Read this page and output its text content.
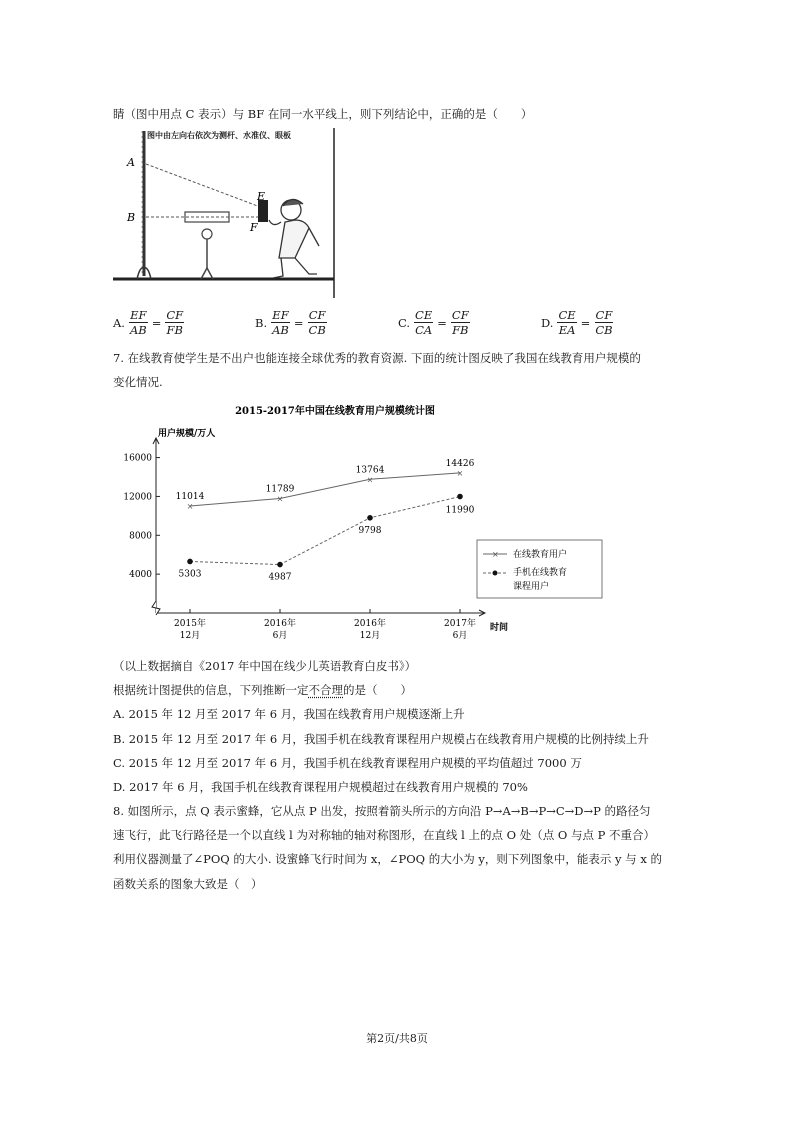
睛（图中用点 C 表示）与 BF 在同一水平线上，则下列结论中，正确的是（　　）
图中由左向右依次为测杆、水准仪、眼板
A
B
E
F
A. $\frac{EF}{AB} = \frac{CF}{FB}$	B. $\frac{EF}{AB} = \frac{CF}{CB}$	C. $\frac{CE}{CA} = \frac{CF}{FB}$	D. $\frac{CE}{EA} = \frac{CF}{CB}$
7. 在线教育使学生是不出户也能连接全球优秀的教育资源. 下面的统计图反映了我国在线教育用户规模的
变化情况.
2015-2017年中国在线教育用户规模统计图
用户规模/万人
时间
4000
8000
12000
16000
2015年
12月
2016年
6月
2016年
12月
2017年
6月
×
11014	×
11789
×
13764	×
14426
5303	4987
9798
11990
× 在线教育用户
手机在线教育
课程用户
（以上数据摘自《2017 年中国在线少儿英语教育白皮书》）
根据统计图提供的信息，下列推断一定不合理的是（　　）
A. 2015 年 12 月至 2017 年 6 月，我国在线教育用户规模逐渐上升
B. 2015 年 12 月至 2017 年 6 月，我国手机在线教育课程用户规模占在线教育用户规模的比例持续上升
C. 2015 年 12 月至 2017 年 6 月，我国手机在线教育课程用户规模的平均值超过 7000 万
D. 2017 年 6 月，我国手机在线教育课程用户规模超过在线教育用户规模的 70%
8. 如图所示，点 Q 表示蜜蜂，它从点 P 出发，按照着箭头所示的方向沿 P→A→B→P→C→D→P 的路径匀
速飞行，此飞行路径是一个以直线 l 为对称轴的轴对称图形，在直线 l 上的点 O 处（点 O 与点 P 不重合）
利用仪器测量了∠POQ 的大小. 设蜜蜂飞行时间为 x，∠POQ 的大小为 y，则下列图象中，能表示 y 与 x 的
函数关系的图象大致是（　）
第2页/共8页
